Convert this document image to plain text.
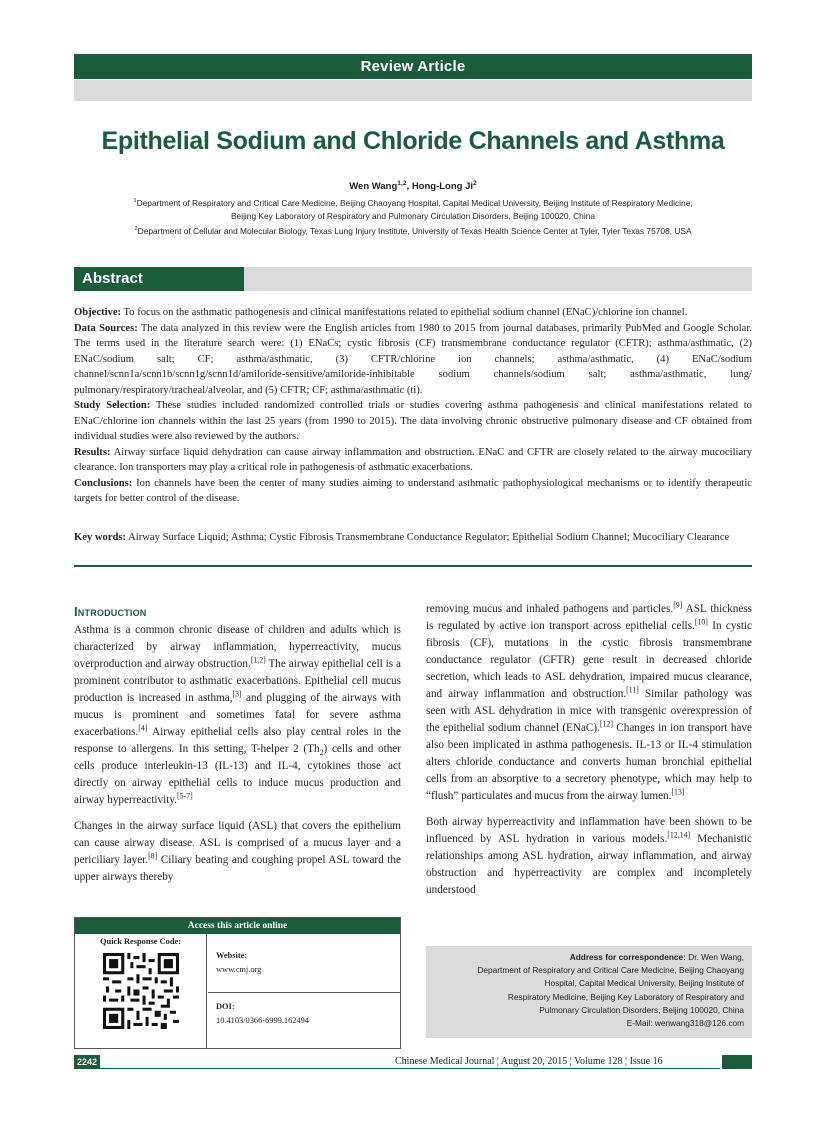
Review Article
Epithelial Sodium and Chloride Channels and Asthma
Wen Wang$^{1,2}$, Hong-Long Ji$^2$
$^1$Department of Respiratory and Critical Care Medicine, Beijing Chaoyang Hospital, Capital Medical University, Beijing Institute of Respiratory Medicine,
Beijing Key Laboratory of Respiratory and Pulmonary Circulation Disorders, Beijing 100020, China
$^2$Department of Cellular and Molecular Biology, Texas Lung Injury Institute, University of Texas Health Science Center at Tyler, Tyler Texas 75708, USA
Abstract

Objective: To focus on the asthmatic pathogenesis and clinical manifestations related to epithelial sodium channel (ENaC)/chlorine ion channel.

Data Sources: The data analyzed in this review were the English articles from 1980 to 2015 from journal databases, primarily PubMed and Google Scholar. The terms used in the literature search were: (1) ENaCs; cystic fibrosis (CF) transmembrane conductance regulator (CFTR); asthma/asthmatic, (2) ENaC/sodium salt; CF; asthma/asthmatic, (3) CFTR/chlorine ion channels; asthma/asthmatic, (4) ENaC/sodium channel/scnn1a/scnn1b/scnn1g/scnn1d/amiloride-sensitive/amiloride-inhibitable sodium channels/sodium salt; asthma/asthmatic, lung/ pulmonary/respiratory/tracheal/alveolar, and (5) CFTR; CF; asthma/asthmatic (ti).

Study Selection: These studies included randomized controlled trials or studies covering asthma pathogenesis and clinical manifestations related to ENaC/chlorine ion channels within the last 25 years (from 1990 to 2015). The data involving chronic obstructive pulmonary disease and CF obtained from individual studies were also reviewed by the authors.

Results: Airway surface liquid dehydration can cause airway inflammation and obstruction. ENaC and CFTR are closely related to the airway mucociliary clearance. Ion transporters may play a critical role in pathogenesis of asthmatic exacerbations.

Conclusions: Ion channels have been the center of many studies aiming to understand asthmatic pathophysiological mechanisms or to identify therapeutic targets for better control of the disease.

Key words: Airway Surface Liquid; Asthma; Cystic Fibrosis Transmembrane Conductance Regulator; Epithelial Sodium Channel; Mucociliary Clearance
Introduction

Asthma is a common chronic disease of children and adults which is characterized by airway inflammation, hyperreactivity, mucus overproduction and airway obstruction.[1,2] The airway epithelial cell is a prominent contributor to asthmatic exacerbations. Epithelial cell mucus production is increased in asthma,[3] and plugging of the airways with mucus is prominent and sometimes fatal for severe asthma exacerbations.[4] Airway epithelial cells also play central roles in the response to allergens. In this setting, T-helper 2 $(Th_2)$ cells and other cells produce interleukin-13 (IL-13) and IL-4, cytokines those act directly on airway epithelial cells to induce mucus production and airway hyperreactivity.[5-7]

Changes in the airway surface liquid (ASL) that covers the epithelium can cause airway disease. ASL is comprised of a mucus layer and a periciliary layer.[8] Ciliary beating and coughing propel ASL toward the upper airways thereby

removing mucus and inhaled pathogens and particles.[9] ASL thickness is regulated by active ion transport across epithelial cells.[10] In cystic fibrosis (CF), mutations in the cystic fibrosis transmembrane conductance regulator (CFTR) gene result in decreased chloride secretion, which leads to ASL dehydration, impaired mucus clearance, and airway inflammation and obstruction.[11] Similar pathology was seen with ASL dehydration in mice with transgenic overexpression of the epithelial sodium channel (ENaC).[12] Changes in ion transport have also been implicated in asthma pathogenesis. IL-13 or IL-4 stimulation alters chloride conductance and converts human bronchial epithelial cells from an absorptive to a secretory phenotype, which may help to “flush” particulates and mucus from the airway lumen.[13]

Both airway hyperreactivity and inflammation have been shown to be influenced by ASL hydration in various models.[12,14] Mechanistic relationships among ASL hydration, airway inflammation, and airway obstruction and hyperreactivity are complex and incompletely understood

Access this article online
Quick Response Code:
Website:
www.cmj.org
DOI:
10.4103/0366-6999.162494
Address for correspondence: Dr. Wen Wang,
Department of Respiratory and Critical Care Medicine, Beijing Chaoyang
Hospital, Capital Medical University, Beijing Institute of
Respiratory Medicine, Beijing Key Laboratory of Respiratory and
Pulmonary Circulation Disorders, Beijing 100020, China
E-Mail: wenwang318@126.com
2242	Chinese Medical Journal ¦ August 20, 2015 ¦ Volume 128 ¦ Issue 16
